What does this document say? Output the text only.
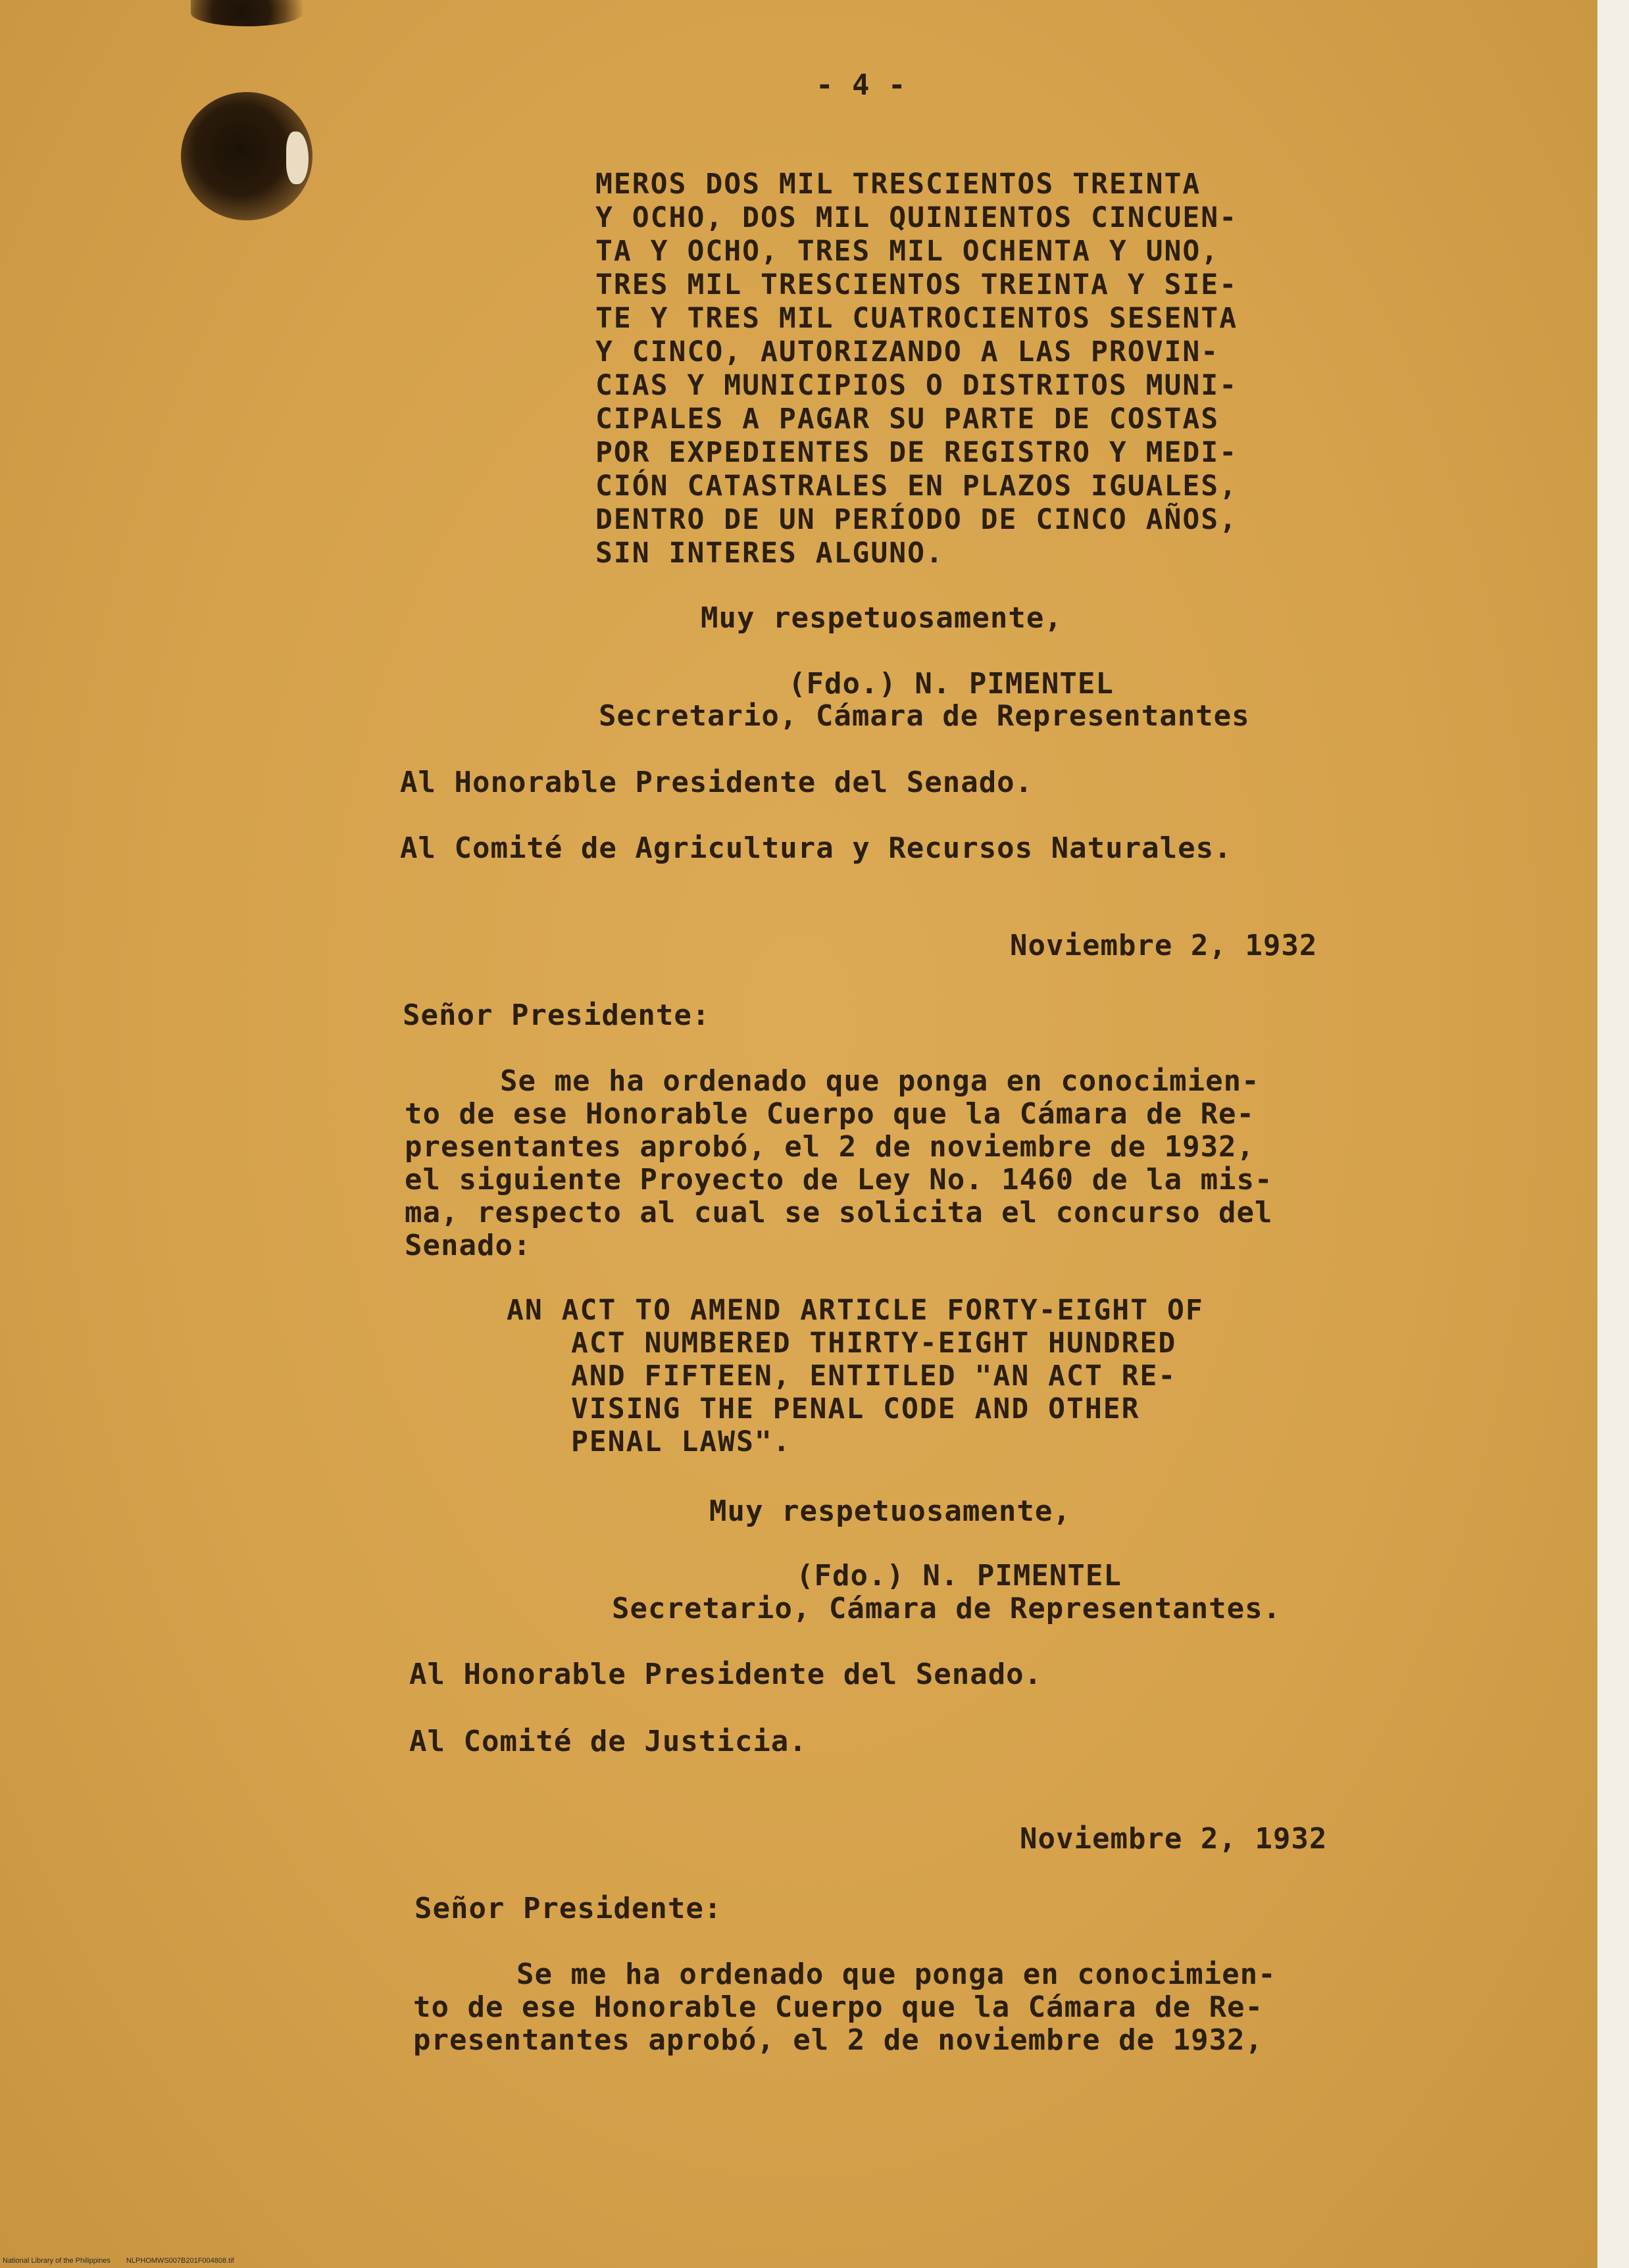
- 4 -

MEROS DOS MIL TRESCIENTOS TREINTA

Y OCHO, DOS MIL QUINIENTOS CINCUEN-

TA Y OCHO, TRES MIL OCHENTA Y UNO,

TRES MIL TRESCIENTOS TREINTA Y SIE-

TE Y TRES MIL CUATROCIENTOS SESENTA

Y CINCO, AUTORIZANDO A LAS PROVIN-

CIAS Y MUNICIPIOS O DISTRITOS MUNI-

CIPALES A PAGAR SU PARTE DE COSTAS

POR EXPEDIENTES DE REGISTRO Y MEDI-

CIÓN CATASTRALES EN PLAZOS IGUALES,

DENTRO DE UN PERÍODO DE CINCO AÑOS,

SIN INTERES ALGUNO.

Muy respetuosamente,

(Fdo.) N. PIMENTEL

Secretario, Cámara de Representantes

Al Honorable Presidente del Senado.

Al Comité de Agricultura y Recursos Naturales.

Noviembre 2, 1932

Señor Presidente:

Se me ha ordenado que ponga en conocimien-

to de ese Honorable Cuerpo que la Cámara de Re-

presentantes aprobó, el 2 de noviembre de 1932,

el siguiente Proyecto de Ley No. 1460 de la mis-

ma, respecto al cual se solicita el concurso del

Senado:

AN ACT TO AMEND ARTICLE FORTY-EIGHT OF

ACT NUMBERED THIRTY-EIGHT HUNDRED

AND FIFTEEN, ENTITLED "AN ACT RE-

VISING THE PENAL CODE AND OTHER

PENAL LAWS".

Muy respetuosamente,

(Fdo.) N. PIMENTEL

Secretario, Cámara de Representantes.

Al Honorable Presidente del Senado.

Al Comité de Justicia.

Noviembre 2, 1932

Señor Presidente:

Se me ha ordenado que ponga en conocimien-

to de ese Honorable Cuerpo que la Cámara de Re-

presentantes aprobó, el 2 de noviembre de 1932,

National Library of the Philippines NLPHOMWS007B201F004808.tif
